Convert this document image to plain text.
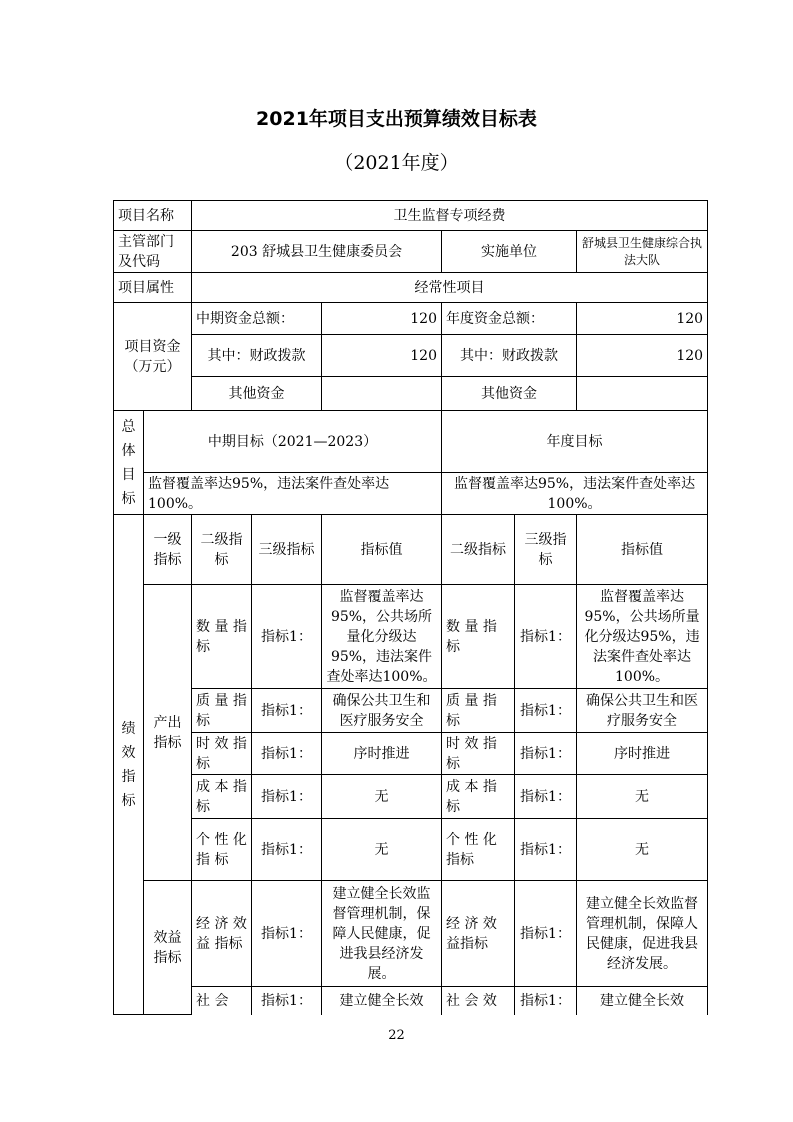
2021年项目支出预算绩效目标表
（2021年度）
项目名称		卫生监督专项经费					
主管部门及代码		203 舒城县卫生健康委员会			实施单位		舒城县卫生健康综合执法大队
项目属性		经常性项目					
项目资金（万元）		中期资金总额：		120	年度资金总额：		120
		其中：财政拨款		120	其中：财政拨款		120
		其他资金			其他资金		
总体目标	中期目标（2021—2023）				年度目标		
	监督覆盖率达95%，违法案件查处率达100%。				监督覆盖率达95%，违法案件查处率达100%。		
绩效指标	一级指标	二级指标	三级指标	指标值	二级指标	三级指标	指标值
	产出指标	数 量 指标	指标1：	监督覆盖率达95%，公共场所量化分级达95%，违法案件查处率达100%。	数 量 指标	指标1：	监督覆盖率达95%，公共场所量化分级达95%，违法案件查处率达100%。
		质 量 指标	指标1：	确保公共卫生和医疗服务安全	质 量 指标	指标1：	确保公共卫生和医疗服务安全
		时 效 指标	指标1：	序时推进	时 效 指标	指标1：	序时推进
		成 本 指标	指标1：	无	成 本 指标	指标1：	无
		个 性 化 指 标	指标1：	无	个 性 化 指标	指标1：	无
	效益指标	经 济 效 益 指标	指标1：	建立健全长效监督管理机制，保障人民健康，促进我县经济发展。	经 济 效 益指标	指标1：	建立健全长效监督管理机制，保障人民健康，促进我县经济发展。
		社 会	指标1：	建立健全长效	社 会 效	指标1：	建立健全长效
22
